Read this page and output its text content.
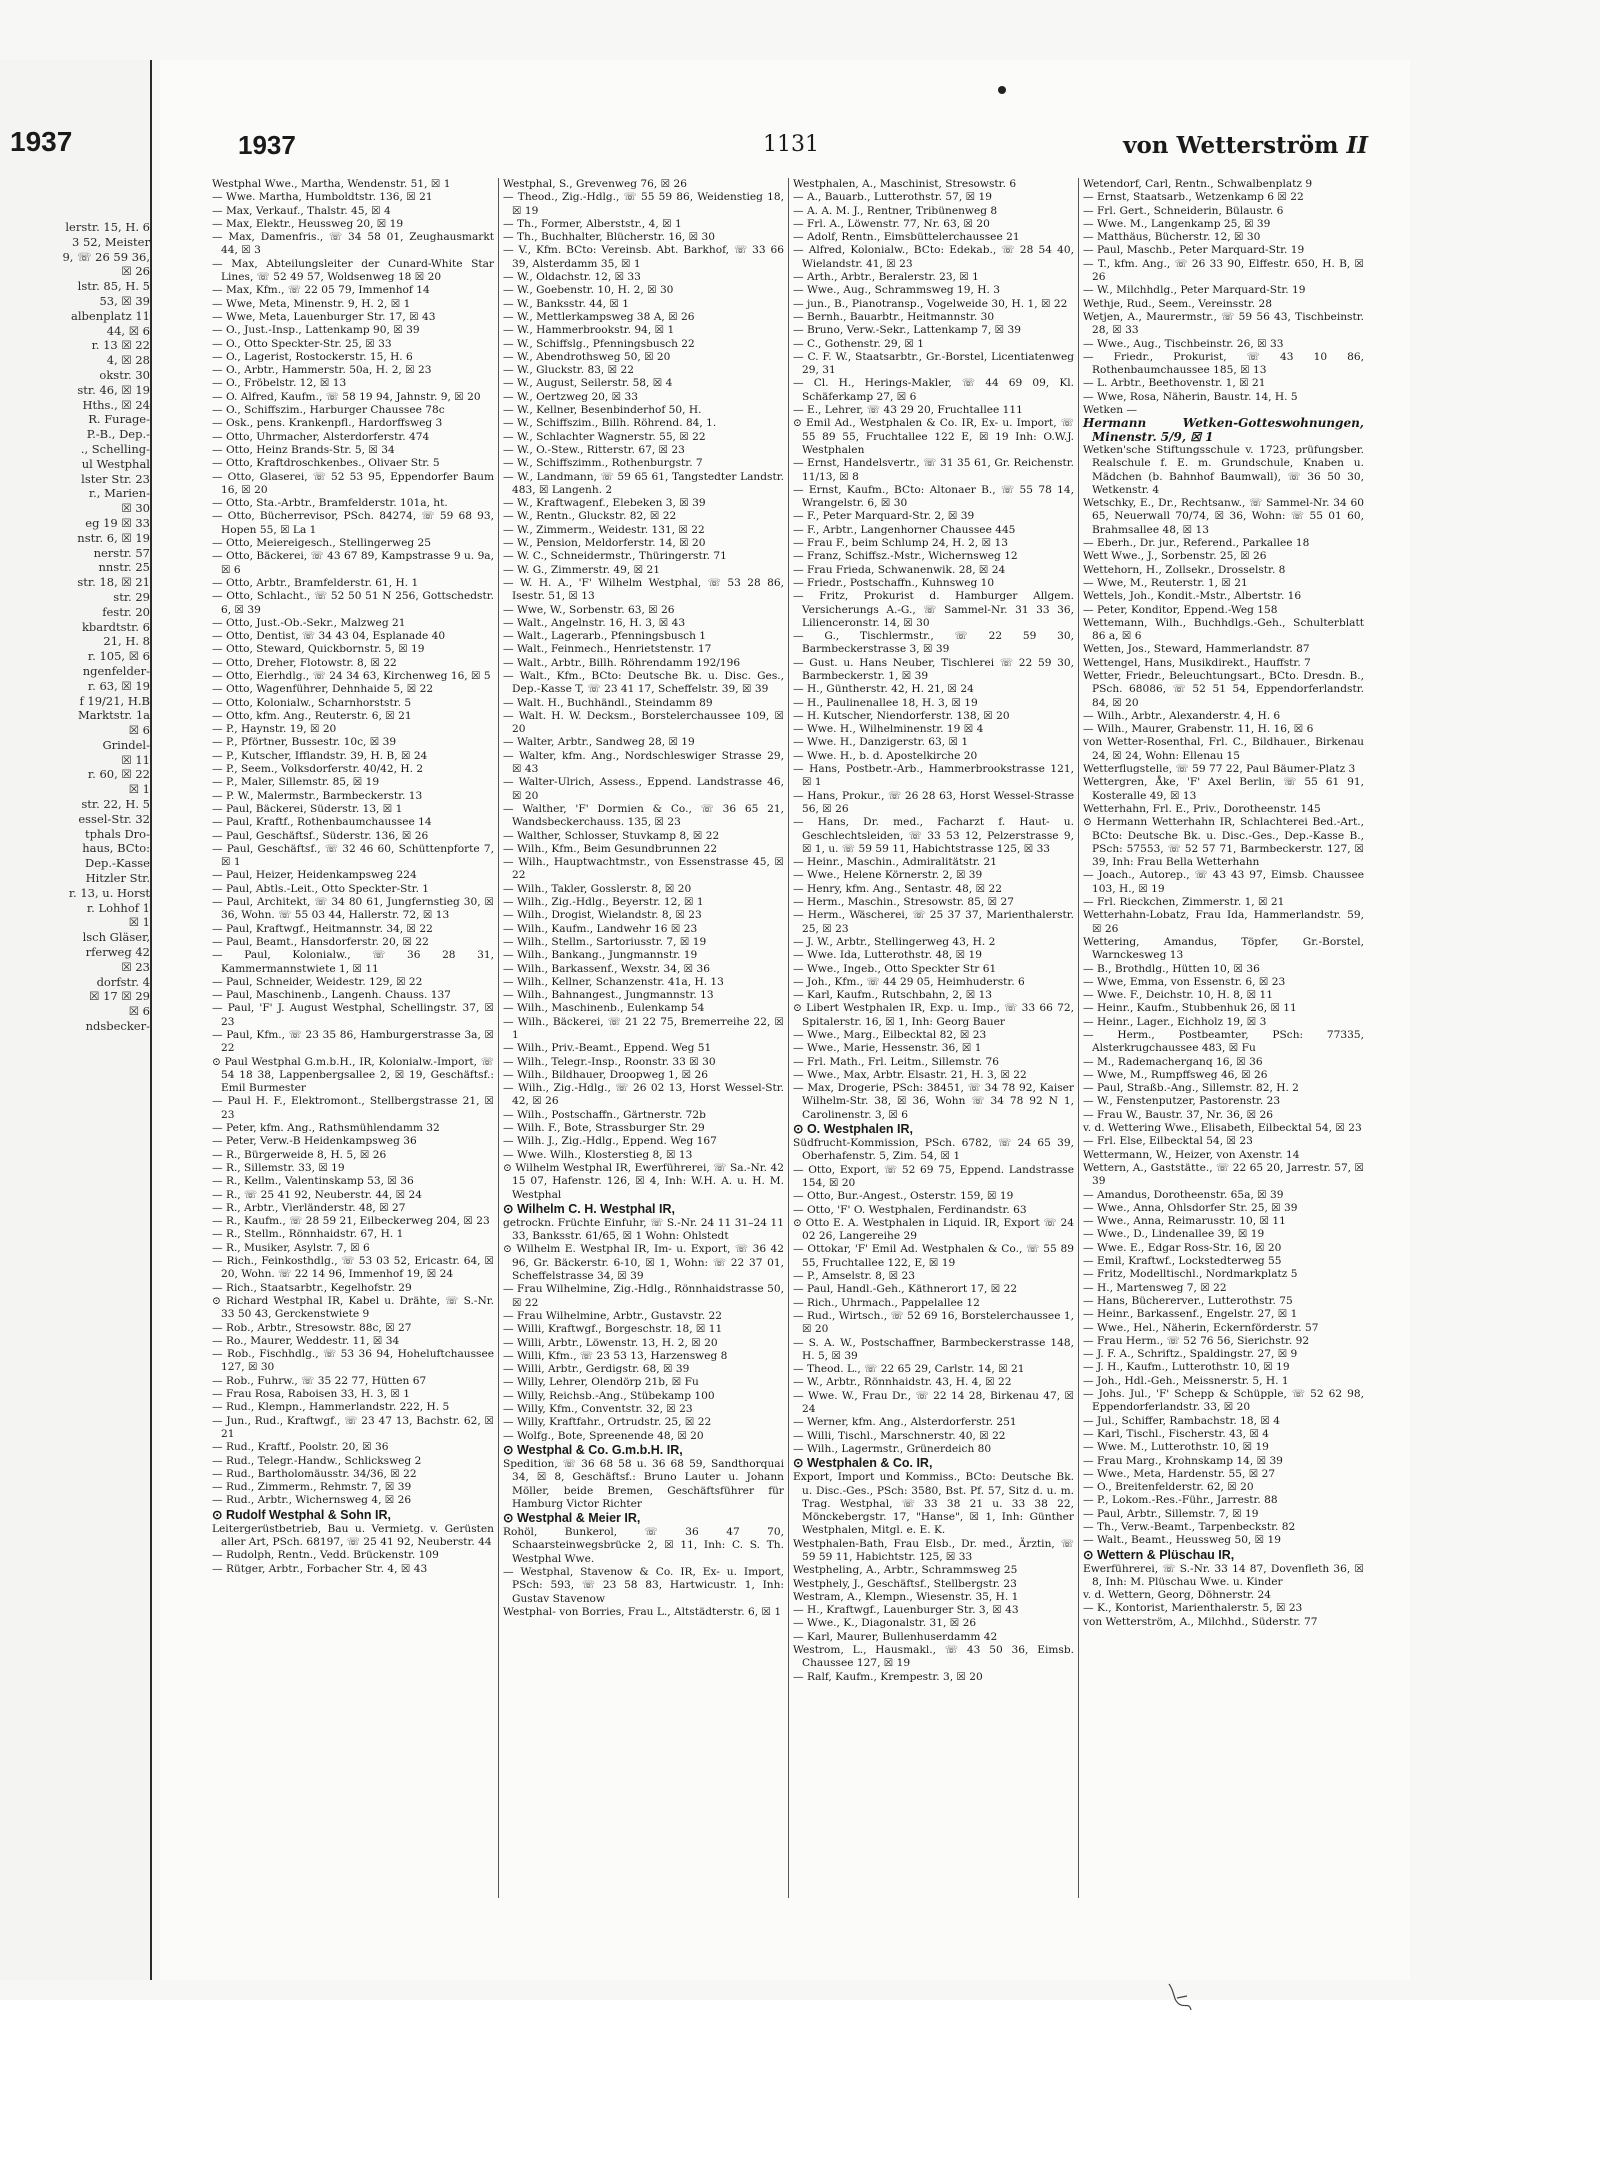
1937
lerstr. 15, H. 6
3 52, Meister
9, ☏ 26 59 36,
☒ 26
lstr. 85, H. 5
53, ☒ 39
albenplatz 11
44, ☒ 6
r. 13 ☒ 22
4, ☒ 28
okstr. 30
str. 46, ☒ 19
Hths., ☒ 24
R. Furage-
P.-B., Dep.-
., Schelling-
ul Westphal
lster Str. 23
r., Marien-
☒ 30
eg 19 ☒ 33
nstr. 6, ☒ 19
nerstr. 57
nnstr. 25
str. 18, ☒ 21
str. 29
festr. 20
kbardtstr. 6
21, H. 8
r. 105, ☒ 6
ngenfelder-
r. 63, ☒ 19
f 19/21, H.B
Marktstr. 1a
☒ 6
Grindel-
☒ 11
r. 60, ☒ 22
☒ 1
str. 22, H. 5
essel-Str. 32
tphals Dro-
haus, BCto:
Dep.-Kasse
Hitzler Str.
r. 13, u. Horst
r. Lohhof 1
☒ 1
lsch Gläser,
rferweg 42
☒ 23
dorfstr. 4
☒ 17 ☒ 29
☒ 6
ndsbecker-
1937	1131	von Wetterström II

Westphal Wwe., Martha, Wendenstr. 51, ☒ 1

— Wwe. Martha, Humboldtstr. 136, ☒ 21

— Max, Verkauf., Thalstr. 45, ☒ 4

— Max, Elektr., Heussweg 20, ☒ 19

— Max, Damenfris., ☏ 34 58 01, Zeughausmarkt 44, ☒ 3

— Max, Abteilungsleiter der Cunard-White Star Lines, ☏ 52 49 57, Woldsenweg 18 ☒ 20

— Max, Kfm., ☏ 22 05 79, Immenhof 14

— Wwe, Meta, Minenstr. 9, H. 2, ☒ 1

— Wwe, Meta, Lauenburger Str. 17, ☒ 43

— O., Just.-Insp., Lattenkamp 90, ☒ 39

— O., Otto Speckter-Str. 25, ☒ 33

— O., Lagerist, Rostockerstr. 15, H. 6

— O., Arbtr., Hammerstr. 50a, H. 2, ☒ 23

— O., Fröbelstr. 12, ☒ 13

— O. Alfred, Kaufm., ☏ 58 19 94, Jahnstr. 9, ☒ 20

— O., Schiffszim., Harburger Chaussee 78c

— Osk., pens. Krankenpfl., Hardorffsweg 3

— Otto, Uhrmacher, Alsterdorferstr. 474

— Otto, Heinz Brands-Str. 5, ☒ 34

— Otto, Kraftdroschkenbes., Olivaer Str. 5

— Otto, Glaserei, ☏ 52 53 95, Eppendorfer Baum 16, ☒ 20

— Otto, Sta.-Arbtr., Bramfelderstr. 101a, ht.

— Otto, Bücherrevisor, PSch. 84274, ☏ 59 68 93, Hopen 55, ☒ La 1

— Otto, Meiereigesch., Stellingerweg 25

— Otto, Bäckerei, ☏ 43 67 89, Kampstrasse 9 u. 9a, ☒ 6

— Otto, Arbtr., Bramfelderstr. 61, H. 1

— Otto, Schlacht., ☏ 52 50 51 N 256, Gottschedstr. 6, ☒ 39

— Otto, Just.-Ob.-Sekr., Malzweg 21

— Otto, Dentist, ☏ 34 43 04, Esplanade 40

— Otto, Steward, Quickbornstr. 5, ☒ 19

— Otto, Dreher, Flotowstr. 8, ☒ 22

— Otto, Eierhdlg., ☏ 24 34 63, Kirchenweg 16, ☒ 5

— Otto, Wagenführer, Dehnhaide 5, ☒ 22

— Otto, Kolonialw., Scharnhorststr. 5

— Otto, kfm. Ang., Reuterstr. 6, ☒ 21

— P., Haynstr. 19, ☒ 20

— P., Pförtner, Bussestr. 10c, ☒ 39

— P., Kutscher, Ifflandstr. 39, H. B, ☒ 24

— P., Seem., Volksdorferstr. 40/42, H. 2

— P., Maler, Sillemstr. 85, ☒ 19

— P. W., Malermstr., Barmbeckerstr. 13

— Paul, Bäckerei, Süderstr. 13, ☒ 1

— Paul, Kraftf., Rothenbaumchaussee 14

— Paul, Geschäftsf., Süderstr. 136, ☒ 26

— Paul, Geschäftsf., ☏ 32 46 60, Schüttenpforte 7, ☒ 1

— Paul, Heizer, Heidenkampsweg 224

— Paul, Abtls.-Leit., Otto Speckter-Str. 1

— Paul, Architekt, ☏ 34 80 61, Jungfernstieg 30, ☒ 36, Wohn. ☏ 55 03 44, Hallerstr. 72, ☒ 13

— Paul, Kraftwgf., Heitmannstr. 34, ☒ 22

— Paul, Beamt., Hansdorferstr. 20, ☒ 22

— Paul, Kolonialw., ☏ 36 28 31, Kammermannstwiete 1, ☒ 11

— Paul, Schneider, Weidestr. 129, ☒ 22

— Paul, Maschinenb., Langenh. Chauss. 137

— Paul, 'F' J. August Westphal, Schellingstr. 37, ☒ 23

— Paul, Kfm., ☏ 23 35 86, Hamburgerstrasse 3a, ☒ 22

⊙ Paul Westphal G.m.b.H., IR, Kolonialw.-Import, ☏ 54 18 38, Lappenbergsallee 2, ☒ 19, Geschäftsf.: Emil Burmester

— Paul H. F., Elektromont., Stellbergstrasse 21, ☒ 23

— Peter, kfm. Ang., Rathsmühlendamm 32

— Peter, Verw.-B Heidenkampsweg 36

— R., Bürgerweide 8, H. 5, ☒ 26

— R., Sillemstr. 33, ☒ 19

— R., Kellm., Valentinskamp 53, ☒ 36

— R., ☏ 25 41 92, Neuberstr. 44, ☒ 24

— R., Arbtr., Vierländerstr. 48, ☒ 27

— R., Kaufm., ☏ 28 59 21, Eilbeckerweg 204, ☒ 23

— R., Stellm., Rönnhaidstr. 67, H. 1

— R., Musiker, Asylstr. 7, ☒ 6

— Rich., Feinkosthdlg., ☏ 53 03 52, Ericastr. 64, ☒ 20, Wohn. ☏ 22 14 96, Immenhof 19, ☒ 24

— Rich., Staatsarbtr., Kegelhofstr. 29

⊙ Richard Westphal IR, Kabel u. Drähte, ☏ S.-Nr. 33 50 43, Gerckenstwiete 9

— Rob., Arbtr., Stresowstr. 88c, ☒ 27

— Ro., Maurer, Weddestr. 11, ☒ 34

— Rob., Fischhdlg., ☏ 53 36 94, Hoheluftchaussee 127, ☒ 30

— Rob., Fuhrw., ☏ 35 22 77, Hütten 67

— Frau Rosa, Raboisen 33, H. 3, ☒ 1

— Rud., Klempn., Hammerlandstr. 222, H. 5

— Jun., Rud., Kraftwgf., ☏ 23 47 13, Bachstr. 62, ☒ 21

— Rud., Kraftf., Poolstr. 20, ☒ 36

— Rud., Telegr.-Handw., Schlicksweg 2

— Rud., Bartholomäusstr. 34/36, ☒ 22

— Rud., Zimmerm., Rehmstr. 7, ☒ 39

— Rud., Arbtr., Wichernsweg 4, ☒ 26

⊙ Rudolf Westphal & Sohn IR,

Leitergerüstbetrieb, Bau u. Vermietg. v. Gerüsten aller Art, PSch. 68197, ☏ 25 41 92, Neuberstr. 44

— Rudolph, Rentn., Vedd. Brückenstr. 109

— Rütger, Arbtr., Forbacher Str. 4, ☒ 43

Westphal, S., Grevenweg 76, ☒ 26

— Theod., Zig.-Hdlg., ☏ 55 59 86, Weidenstieg 18, ☒ 19

— Th., Former, Alberststr., 4, ☒ 1

— Th., Buchhalter, Blücherstr. 16, ☒ 30

— V., Kfm. BCto: Vereinsb. Abt. Barkhof, ☏ 33 66 39, Alsterdamm 35, ☒ 1

— W., Oldachstr. 12, ☒ 33

— W., Goebenstr. 10, H. 2, ☒ 30

— W., Banksstr. 44, ☒ 1

— W., Mettlerkampsweg 38 A, ☒ 26

— W., Hammerbrookstr. 94, ☒ 1

— W., Schiffslg., Pfenningsbusch 22

— W., Abendrothsweg 50, ☒ 20

— W., Gluckstr. 83, ☒ 22

— W., August, Seilerstr. 58, ☒ 4

— W., Oertzweg 20, ☒ 33

— W., Kellner, Besenbinderhof 50, H.

— W., Schiffszim., Billh. Röhrend. 84, 1.

— W., Schlachter Wagnerstr. 55, ☒ 22

— W., O.-Stew., Ritterstr. 67, ☒ 23

— W., Schiffszimm., Rothenburgstr. 7

— W., Landmann, ☏ 59 65 61, Tangstedter Landstr. 483, ☒ Langenh. 2

— W., Kraftwagenf., Elebeken 3, ☒ 39

— W., Rentn., Gluckstr. 82, ☒ 22

— W., Zimmerm., Weidestr. 131, ☒ 22

— W., Pension, Meldorferstr. 14, ☒ 20

— W. C., Schneidermstr., Thüringerstr. 71

— W. G., Zimmerstr. 49, ☒ 21

— W. H. A., 'F' Wilhelm Westphal, ☏ 53 28 86, Isestr. 51, ☒ 13

— Wwe, W., Sorbenstr. 63, ☒ 26

— Walt., Angelnstr. 16, H. 3, ☒ 43

— Walt., Lagerarb., Pfenningsbusch 1

— Walt., Feinmech., Henrietstenstr. 17

— Walt., Arbtr., Billh. Röhrendamm 192/196

— Walt., Kfm., BCto: Deutsche Bk. u. Disc. Ges., Dep.-Kasse T, ☏ 23 41 17, Scheffelstr. 39, ☒ 39

— Walt. H., Buchhändl., Steindamm 89

— Walt. H. W. Decksm., Borstelerchaussee 109, ☒ 20

— Walter, Arbtr., Sandweg 28, ☒ 19

— Walter, kfm. Ang., Nordschleswiger Strasse 29, ☒ 43

— Walter-Ulrich, Assess., Eppend. Landstrasse 46, ☒ 20

— Walther, 'F' Dormien & Co., ☏ 36 65 21, Wandsbeckerchauss. 135, ☒ 23

— Walther, Schlosser, Stuvkamp 8, ☒ 22

— Wilh., Kfm., Beim Gesundbrunnen 22

— Wilh., Hauptwachtmstr., von Essenstrasse 45, ☒ 22

— Wilh., Takler, Gosslerstr. 8, ☒ 20

— Wilh., Zig.-Hdlg., Beyerstr. 12, ☒ 1

— Wilh., Drogist, Wielandstr. 8, ☒ 23

— Wilh., Kaufm., Landwehr 16 ☒ 23

— Wilh., Stellm., Sartoriusstr. 7, ☒ 19

— Wilh., Bankang., Jungmannstr. 19

— Wilh., Barkassenf., Wexstr. 34, ☒ 36

— Wilh., Kellner, Schanzenstr. 41a, H. 13

— Wilh., Bahnangest., Jungmannstr. 13

— Wilh., Maschinenb., Eulenkamp 54

— Wilh., Bäckerei, ☏ 21 22 75, Bremerreihe 22, ☒ 1

— Wilh., Priv.-Beamt., Eppend. Weg 51

— Wilh., Telegr.-Insp., Roonstr. 33 ☒ 30

— Wilh., Bildhauer, Droopweg 1, ☒ 26

— Wilh., Zig.-Hdlg., ☏ 26 02 13, Horst Wessel-Str. 42, ☒ 26

— Wilh., Postschaffn., Gärtnerstr. 72b

— Wilh. F., Bote, Strassburger Str. 29

— Wilh. J., Zig.-Hdlg., Eppend. Weg 167

— Wwe. Wilh., Klosterstieg 8, ☒ 13

⊙ Wilhelm Westphal IR, Ewerführerei, ☏ Sa.-Nr. 42 15 07, Hafenstr. 126, ☒ 4, Inh: W.H. A. u. H. M. Westphal

⊙ Wilhelm C. H. Westphal IR,

getrockn. Früchte Einfuhr, ☏ S.-Nr. 24 11 31–24 11 33, Banksstr. 61/65, ☒ 1 Wohn: Ohlstedt

⊙ Wilhelm E. Westphal IR, Im- u. Export, ☏ 36 42 96, Gr. Bäckerstr. 6-10, ☒ 1, Wohn: ☏ 22 37 01, Scheffelstrasse 34, ☒ 39

— Frau Wilhelmine, Zig.-Hdlg., Rönnhaidstrasse 50, ☒ 22

— Frau Wilhelmine, Arbtr., Gustavstr. 22

— Willi, Kraftwgf., Borgeschstr. 18, ☒ 11

— Willi, Arbtr., Löwenstr. 13, H. 2, ☒ 20

— Willi, Kfm., ☏ 23 53 13, Harzensweg 8

— Willi, Arbtr., Gerdigstr. 68, ☒ 39

— Willy, Lehrer, Olendörp 21b, ☒ Fu

— Willy, Reichsb.-Ang., Stübekamp 100

— Willy, Kfm., Conventstr. 32, ☒ 23

— Willy, Kraftfahr., Ortrudstr. 25, ☒ 22

— Wolfg., Bote, Spreenende 48, ☒ 20

⊙ Westphal & Co. G.m.b.H. IR,

Spedition, ☏ 36 68 58 u. 36 68 59, Sandthorquai 34, ☒ 8, Geschäftsf.: Bruno Lauter u. Johann Möller, beide Bremen, Geschäftsführer für Hamburg Victor Richter

⊙ Westphal & Meier IR,

Rohöl, Bunkerol, ☏ 36 47 70, Schaarsteinwegsbrücke 2, ☒ 11, Inh: C. S. Th. Westphal Wwe.

— Westphal, Stavenow & Co. IR, Ex- u. Import, PSch: 593, ☏ 23 58 83, Hartwicustr. 1, Inh: Gustav Stavenow

Westphal- von Borries, Frau L., Altstädterstr. 6, ☒ 1

Westphalen, A., Maschinist, Stresowstr. 6

— A., Bauarb., Lutterothstr. 57, ☒ 19

— A. A. M. J., Rentner, Tribünenweg 8

— Frl. A., Löwenstr. 77, Nr. 63, ☒ 20

— Adolf, Rentn., Eimsbüttelerchaussee 21

— Alfred, Kolonialw., BCto: Edekab., ☏ 28 54 40, Wielandstr. 41, ☒ 23

— Arth., Arbtr., Beralerstr. 23, ☒ 1

— Wwe., Aug., Schrammsweg 19, H. 3

— jun., B., Pianotransp., Vogelweide 30, H. 1, ☒ 22

— Bernh., Bauarbtr., Heitmannstr. 30

— Bruno, Verw.-Sekr., Lattenkamp 7, ☒ 39

— C., Gothenstr. 29, ☒ 1

— C. F. W., Staatsarbtr., Gr.-Borstel, Licentiatenweg 29, 31

— Cl. H., Herings-Makler, ☏ 44 69 09, Kl. Schäferkamp 27, ☒ 6

— E., Lehrer, ☏ 43 29 20, Fruchtallee 111

⊙ Emil Ad., Westphalen & Co. IR, Ex- u. Import, ☏ 55 89 55, Fruchtallee 122 E, ☒ 19 Inh: O.W.J. Westphalen

— Ernst, Handelsvertr., ☏ 31 35 61, Gr. Reichenstr. 11/13, ☒ 8

— Ernst, Kaufm., BCto: Altonaer B., ☏ 55 78 14, Wrangelstr. 6, ☒ 30

— F., Peter Marquard-Str. 2, ☒ 39

— F., Arbtr., Langenhorner Chaussee 445

— Frau F., beim Schlump 24, H. 2, ☒ 13

— Franz, Schiffsz.-Mstr., Wichernsweg 12

— Frau Frieda, Schwanenwik. 28, ☒ 24

— Friedr., Postschaffn., Kuhnsweg 10

— Fritz, Prokurist d. Hamburger Allgem. Versicherungs A.-G., ☏ Sammel-Nr. 31 33 36, Lilienceronstr. 14, ☒ 30

— G., Tischlermstr., ☏ 22 59 30, Barmbeckerstrasse 3, ☒ 39

— Gust. u. Hans Neuber, Tischlerei ☏ 22 59 30, Barmbeckerstr. 1, ☒ 39

— H., Güntherstr. 42, H. 21, ☒ 24

— H., Paulinenallee 18, H. 3, ☒ 19

— H. Kutscher, Niendorferstr. 138, ☒ 20

— Wwe. H., Wilhelminenstr. 19 ☒ 4

— Wwe. H., Danzigerstr. 63, ☒ 1

— Wwe. H., b. d. Apostelkirche 20

— Hans, Postbetr.-Arb., Hammerbrookstrasse 121, ☒ 1

— Hans, Prokur., ☏ 26 28 63, Horst Wessel-Strasse 56, ☒ 26

— Hans, Dr. med., Facharzt f. Haut- u. Geschlechtsleiden, ☏ 33 53 12, Pelzerstrasse 9, ☒ 1, u. ☏ 59 59 11, Habichtstrasse 125, ☒ 33

— Heinr., Maschin., Admiralitätstr. 21

— Wwe., Helene Körnerstr. 2, ☒ 39

— Henry, kfm. Ang., Sentastr. 48, ☒ 22

— Herm., Maschin., Stresowstr. 85, ☒ 27

— Herm., Wäscherei, ☏ 25 37 37, Marienthalerstr. 25, ☒ 23

— J. W., Arbtr., Stellingerweg 43, H. 2

— Wwe. Ida, Lutterothstr. 48, ☒ 19

— Wwe., Ingeb., Otto Speckter Str 61

— Joh., Kfm., ☏ 44 29 05, Heimhuderstr. 6

— Karl, Kaufm., Rutschbahn, 2, ☒ 13

⊙ Libert Westphalen IR, Exp. u. Imp., ☏ 33 66 72, Spitalerstr. 16, ☒ 1, Inh: Georg Bauer

— Wwe., Marg., Eilbecktal 82, ☒ 23

— Wwe., Marie, Hessenstr. 36, ☒ 1

— Frl. Math., Frl. Leitm., Sillemstr. 76

— Wwe., Max, Arbtr. Elsastr. 21, H. 3, ☒ 22

— Max, Drogerie, PSch: 38451, ☏ 34 78 92, Kaiser Wilhelm-Str. 38, ☒ 36, Wohn ☏ 34 78 92 N 1, Carolinenstr. 3, ☒ 6

⊙ O. Westphalen IR,

Südfrucht-Kommission, PSch. 6782, ☏ 24 65 39, Oberhafenstr. 5, Zim. 54, ☒ 1

— Otto, Export, ☏ 52 69 75, Eppend. Landstrasse 154, ☒ 20

— Otto, Bur.-Angest., Osterstr. 159, ☒ 19

— Otto, 'F' O. Westphalen, Ferdinandstr. 63

⊙ Otto E. A. Westphalen in Liquid. IR, Export ☏ 24 02 26, Langereihe 29

— Ottokar, 'F' Emil Ad. Westphalen & Co., ☏ 55 89 55, Fruchtallee 122, E, ☒ 19

— P., Amselstr. 8, ☒ 23

— Paul, Handl.-Geh., Käthnerort 17, ☒ 22

— Rich., Uhrmach., Pappelallee 12

— Rud., Wirtsch., ☏ 52 69 16, Borstelerchaussee 1, ☒ 20

— S. A. W., Postschaffner, Barmbeckerstrasse 148, H. 5, ☒ 39

— Theod. L., ☏ 22 65 29, Carlstr. 14, ☒ 21

— W., Arbtr., Rönnhaidstr. 43, H. 4, ☒ 22

— Wwe. W., Frau Dr., ☏ 22 14 28, Birkenau 47, ☒ 24

— Werner, kfm. Ang., Alsterdorferstr. 251

— Willi, Tischl., Marschnerstr. 40, ☒ 22

— Wilh., Lagermstr., Grünerdeich 80

⊙ Westphalen & Co. IR,

Export, Import und Kommiss., BCto: Deutsche Bk. u. Disc.-Ges., PSch: 3580, Bst. Pf. 57, Sitz d. u. m. Trag. Westphal, ☏ 33 38 21 u. 33 38 22, Mönckebergstr. 17, "Hanse", ☒ 1, Inh: Günther Westphalen, Mitgl. e. E. K.

Westphalen-Bath, Frau Elsb., Dr. med., Ärztin, ☏ 59 59 11, Habichtstr. 125, ☒ 33

Westpheling, A., Arbtr., Schrammsweg 25

Westphely, J., Geschäftsf., Stellbergstr. 23

Westram, A., Klempn., Wiesenstr. 35, H. 1

— H., Kraftwgf., Lauenburger Str. 3, ☒ 43

— Wwe., K., Diagonalstr. 31, ☒ 26

— Karl, Maurer, Bullenhuserdamm 42

Westrom, L., Hausmakl., ☏ 43 50 36, Eimsb. Chaussee 127, ☒ 19

— Ralf, Kaufm., Krempestr. 3, ☒ 20

Wetendorf, Carl, Rentn., Schwalbenplatz 9

— Ernst, Staatsarb., Wetzenkamp 6 ☒ 22

— Frl. Gert., Schneiderin, Bülaustr. 6

— Wwe. M., Langenkamp 25, ☒ 39

— Matthäus, Bücherstr. 12, ☒ 30

— Paul, Maschb., Peter Marquard-Str. 19

— T., kfm. Ang., ☏ 26 33 90, Elffestr. 650, H. B, ☒ 26

— W., Milchhdlg., Peter Marquard-Str. 19

Wethje, Rud., Seem., Vereinsstr. 28

Wetjen, A., Maurermstr., ☏ 59 56 43, Tischbeinstr. 28, ☒ 33

— Wwe., Aug., Tischbeinstr. 26, ☒ 33

— Friedr., Prokurist, ☏ 43 10 86, Rothenbaumchaussee 185, ☒ 13

— L. Arbtr., Beethovenstr. 1, ☒ 21

— Wwe, Rosa, Näherin, Baustr. 14, H. 5

Wetken —

Hermann Wetken-Gotteswohnungen, Minenstr. 5/9, ☒ 1

Wetken'sche Stiftungsschule v. 1723, prüfungsber. Realschule f. E. m. Grundschule, Knaben u. Mädchen (b. Bahnhof Baumwall), ☏ 36 50 30, Wetkenstr. 4

Wetschky, E., Dr., Rechtsanw., ☏ Sammel-Nr. 34 60 65, Neuerwall 70/74, ☒ 36, Wohn: ☏ 55 01 60, Brahmsallee 48, ☒ 13

— Eberh., Dr. jur., Referend., Parkallee 18

Wett Wwe., J., Sorbenstr. 25, ☒ 26

Wettehorn, H., Zollsekr., Drosselstr. 8

— Wwe, M., Reuterstr. 1, ☒ 21

Wettels, Joh., Kondit.-Mstr., Albertstr. 16

— Peter, Konditor, Eppend.-Weg 158

Wettemann, Wilh., Buchhdlgs.-Geh., Schulterblatt 86 a, ☒ 6

Wetten, Jos., Steward, Hammerlandstr. 87

Wettengel, Hans, Musikdirekt., Hauffstr. 7

Wetter, Friedr., Beleuchtungsart., BCto. Dresdn. B., PSch. 68086, ☏ 52 51 54, Eppendorferlandstr. 84, ☒ 20

— Wilh., Arbtr., Alexanderstr. 4, H. 6

— Wilh., Maurer, Grabenstr. 11, H. 16, ☒ 6

von Wetter-Rosenthal, Frl. C., Bildhauer., Birkenau 24, ☒ 24, Wohn: Ellenau 15

Wetterflugstelle, ☏ 59 77 22, Paul Bäumer-Platz 3

Wettergren, Åke, 'F' Axel Berlin, ☏ 55 61 91, Kosteralle 49, ☒ 13

Wetterhahn, Frl. E., Priv., Dorotheenstr. 145

⊙ Hermann Wetterhahn IR, Schlachterei Bed.-Art., BCto: Deutsche Bk. u. Disc.-Ges., Dep.-Kasse B., PSch: 57553, ☏ 52 57 71, Barmbeckerstr. 127, ☒ 39, Inh: Frau Bella Wetterhahn

— Joach., Autorep., ☏ 43 43 97, Eimsb. Chaussee 103, H., ☒ 19

— Frl. Rieckchen, Zimmerstr. 1, ☒ 21

Wetterhahn-Lobatz, Frau Ida, Hammerlandstr. 59, ☒ 26

Wettering, Amandus, Töpfer, Gr.-Borstel, Warnckesweg 13

— B., Brothdlg., Hütten 10, ☒ 36

— Wwe, Emma, von Essenstr. 6, ☒ 23

— Wwe. F., Deichstr. 10, H. 8, ☒ 11

— Heinr., Kaufm., Stubbenhuk 26, ☒ 11

— Heinr., Lager., Eichholz 19, ☒ 3

— Herm., Postbeamter, PSch: 77335, Alsterkrugchaussee 483, ☒ Fu

— M., Rademacherganq 16, ☒ 36

— Wwe, M., Rumpffsweg 46, ☒ 26

— Paul, Straßb.-Ang., Sillemstr. 82, H. 2

— W., Fenstenputzer, Pastorenstr. 23

— Frau W., Baustr. 37, Nr. 36, ☒ 26

v. d. Wettering Wwe., Elisabeth, Eilbecktal 54, ☒ 23

— Frl. Else, Eilbecktal 54, ☒ 23

Wettermann, W., Heizer, von Axenstr. 14

Wettern, A., Gaststätte., ☏ 22 65 20, Jarrestr. 57, ☒ 39

— Amandus, Dorotheenstr. 65a, ☒ 39

— Wwe., Anna, Ohlsdorfer Str. 25, ☒ 39

— Wwe., Anna, Reimarusstr. 10, ☒ 11

— Wwe., D., Lindenallee 39, ☒ 19

— Wwe. E., Edgar Ross-Str. 16, ☒ 20

— Emil, Kraftwf., Lockstedterweg 55

— Fritz, Modelltischl., Nordmarkplatz 5

— H., Martensweg 7, ☒ 22

— Hans, Büchererver., Lutterothstr. 75

— Heinr., Barkassenf., Engelstr. 27, ☒ 1

— Wwe., Hel., Näherin, Eckernförderstr. 57

— Frau Herm., ☏ 52 76 56, Sierichstr. 92

— J. F. A., Schriftz., Spaldingstr. 27, ☒ 9

— J. H., Kaufm., Lutterothstr. 10, ☒ 19

— Joh., Hdl.-Geh., Meissnerstr. 5, H. 1

— Johs. Jul., 'F' Schepp & Schüpple, ☏ 52 62 98, Eppendorferlandstr. 33, ☒ 20

— Jul., Schiffer, Rambachstr. 18, ☒ 4

— Karl, Tischl., Fischerstr. 43, ☒ 4

— Wwe. M., Lutterothstr. 10, ☒ 19

— Frau Marg., Krohnskamp 14, ☒ 39

— Wwe., Meta, Hardenstr. 55, ☒ 27

— O., Breitenfelderstr. 62, ☒ 20

— P., Lokom.-Res.-Führ., Jarrestr. 88

— Paul, Arbtr., Sillemstr. 7, ☒ 19

— Th., Verw.-Beamt., Tarpenbeckstr. 82

— Walt., Beamt., Heussweg 50, ☒ 19

⊙ Wettern & Plüschau IR,

Ewerführerei, ☏ S.-Nr. 33 14 87, Dovenfleth 36, ☒ 8, Inh: M. Plüschau Wwe. u. Kinder

v. d. Wettern, Georg, Döhnerstr. 24

— K., Kontorist, Marienthalerstr. 5, ☒ 23

von Wetterström, A., Milchhd., Süderstr. 77
